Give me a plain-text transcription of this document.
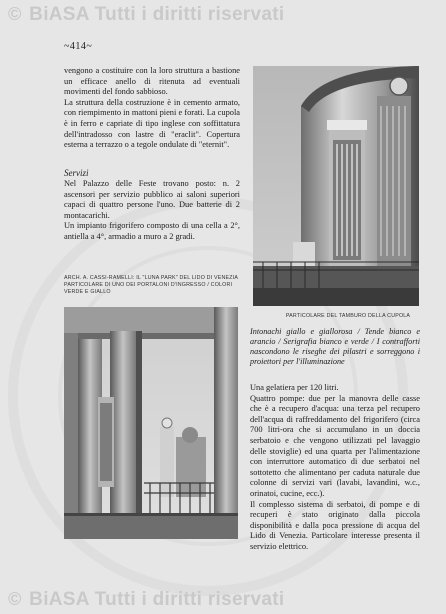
© BiASA Tutti i diritti riservati
~414~

vengono a costituire con la loro struttura a bastione un efficace anello di ritenuta ad eventuali movimenti del fondo sabbioso.

La struttura della costruzione è in cemento armato, con riempimento in mattoni pieni e forati. La cupola è in ferro e capriate di tipo inglese con soffittatura dell'intradosso con lastre di "eraclit". Copertura esterna a terrazzo o a tegole ondulate di "eternit".

Servizi

Nel Palazzo delle Feste trovano posto: n. 2 ascensori per servizio pubblico ai saloni superiori capaci di quattro persone l'uno. Due batterie di 2 montacarichi.

Un impianto frigorifero composto di una cella a 2°, antiella a 4°, armadio a muro a 2 gradi.

ARCH. A. CASSI-RAMELLI: IL "LUNA PARK" DEL LIDO DI VENEZIA PARTICOLARE DI UNO DEI PORTALONI D'INGRESSO / COLORI VERDE E GIALLO
PARTICOLARE DEL TAMBURO DELLA CUPOLA
Intonachi giallo e giallorosa / Tende bianco e arancio / Serigrafia bianco e verde / I contrafforti nascondono le riseghe dei pilastri e sorreggono i proiettori per l'illuminazione

Una gelatiera per 120 litri.

Quattro pompe: due per la manovra delle casse che è a recupero d'acqua: una terza pel recupero dell'acqua di raffreddamento del frigorifero (circa 700 litri-ora che si accumulano in un doccia serbatoio e che vengono utilizzati pel lavaggio delle stoviglie) ed una quarta per l'alimentazione con interruttore automatico di due serbatoi nel sottotetto che alimentano per caduta naturale due colonne di servizi vari (lavabi, lavandini, w.c., orinatoi, cucine, ecc.).

Il complesso sistema di serbatoi, di pompe e di recuperi è stato originato dalla piccola disponibilità e dalla poca pressione di acqua del Lido di Venezia. Particolare interesse presenta il servizio elettrico.

© BiASA Tutti i diritti riservati
